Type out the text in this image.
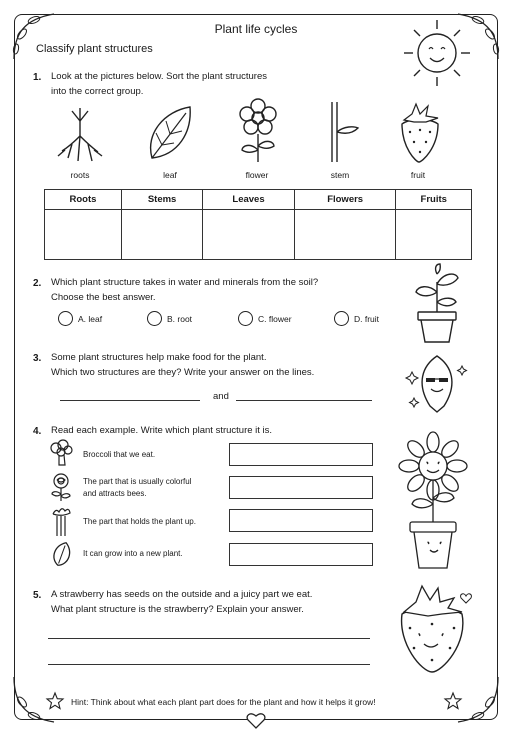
Plant life cycles
Classify plant structures
1. Look at the pictures below. Sort the plant structures
into the correct group.
roots	leaf	flower	stem	fruit
Roots	Stems	Leaves	Flowers	Fruits

2. Which plant structure takes in water and minerals from the soil?
Choose the best answer.
A. leaf	B. root	C. flower	D. fruit
3. Some plant structures help make food for the plant.
Which two structures are they? Write your answer on the lines.
and
4. Read each example. Write which plant structure it is.
Broccoli that we eat.
The part that is usually colorful
and attracts bees.
The part that holds the plant up.
It can grow into a new plant.
5. A strawberry has seeds on the outside and a juicy part we eat.
What plant structure is the strawberry? Explain your answer.
Hint: Think about what each plant part does for the plant and how it helps it grow!
